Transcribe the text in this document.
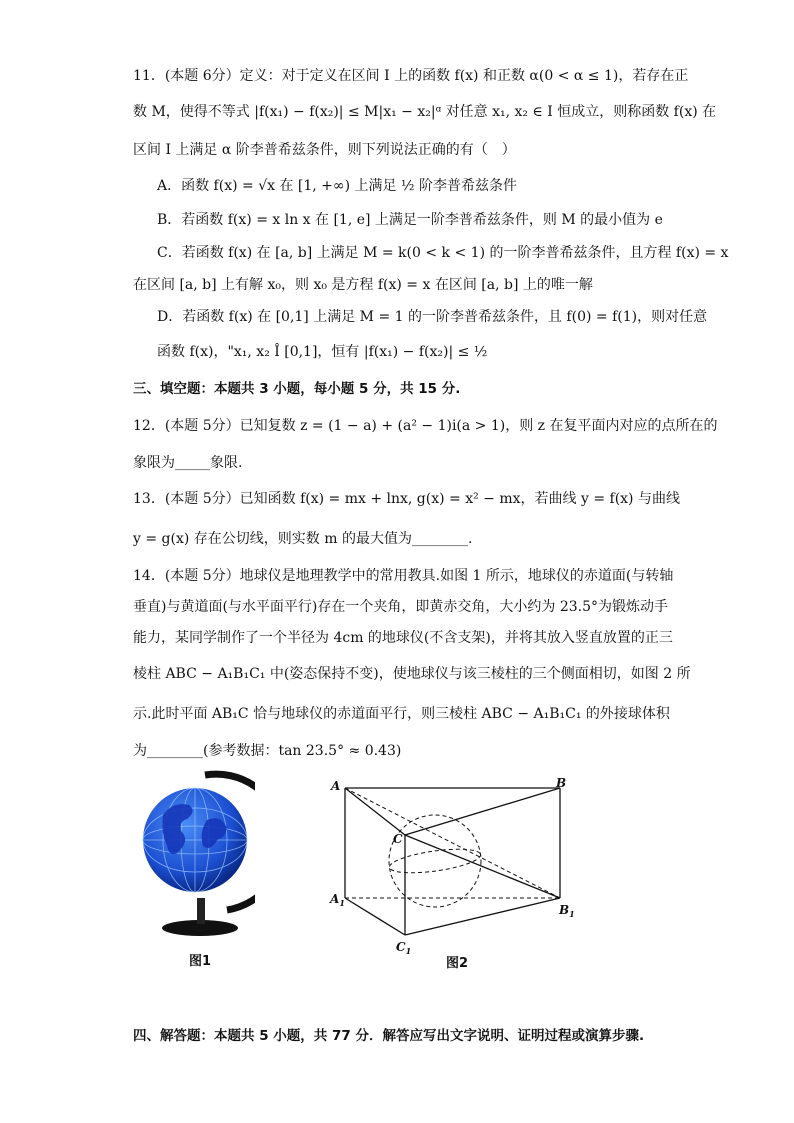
11．(本题 6分）定义：对于定义在区间 I 上的函数 f(x) 和正数 α(0 < α ≤ 1)，若存在正
数 M，使得不等式 |f(x₁) − f(x₂)| ≤ M|x₁ − x₂|ᵅ 对任意 x₁, x₂ ∈ I 恒成立，则称函数 f(x) 在
区间 I 上满足 α 阶李普希兹条件，则下列说法正确的有（　）
A．函数 f(x) = √x 在 [1, +∞) 上满足 ½ 阶李普希兹条件
B．若函数 f(x) = x ln x 在 [1, e] 上满足一阶李普希兹条件，则 M 的最小值为 e
C．若函数 f(x) 在 [a, b] 上满足 M = k(0 < k < 1) 的一阶李普希兹条件，且方程 f(x) = x
在区间 [a, b] 上有解 x₀，则 x₀ 是方程 f(x) = x 在区间 [a, b] 上的唯一解
D．若函数 f(x) 在 [0,1] 上满足 M = 1 的一阶李普希兹条件，且 f(0) = f(1)，则对任意
函数 f(x)，"x₁, x₂ Î [0,1]，恒有 |f(x₁) − f(x₂)| ≤ ½
三、填空题：本题共 3 小题，每小题 5 分，共 15 分.
12．(本题 5分）已知复数 z = (1 − a) + (a² − 1)i(a > 1)，则 z 在复平面内对应的点所在的
象限为_____象限.
13．(本题 5分）已知函数 f(x) = mx + lnx, g(x) = x² − mx，若曲线 y = f(x) 与曲线
y = g(x) 存在公切线，则实数 m 的最大值为________.
14．(本题 5分）地球仪是地理教学中的常用教具.如图 1 所示，地球仪的赤道面(与转轴
垂直)与黄道面(与水平面平行)存在一个夹角，即黄赤交角，大小约为 23.5°为锻炼动手
能力，某同学制作了一个半径为 4cm 的地球仪(不含支架)，并将其放入竖直放置的正三
棱柱 ABC − A₁B₁C₁ 中(姿态保持不变)，使地球仪与该三棱柱的三个侧面相切，如图 2 所
示.此时平面 AB₁C 恰与地球仪的赤道面平行，则三棱柱 ABC − A₁B₁C₁ 的外接球体积
为________(参考数据：tan 23.5° ≈ 0.43)
图1
A	B
C
$A_1$	$B_1$
$C_1$
图2
四、解答题：本题共 5 小题，共 77 分．解答应写出文字说明、证明过程或演算步骤.
